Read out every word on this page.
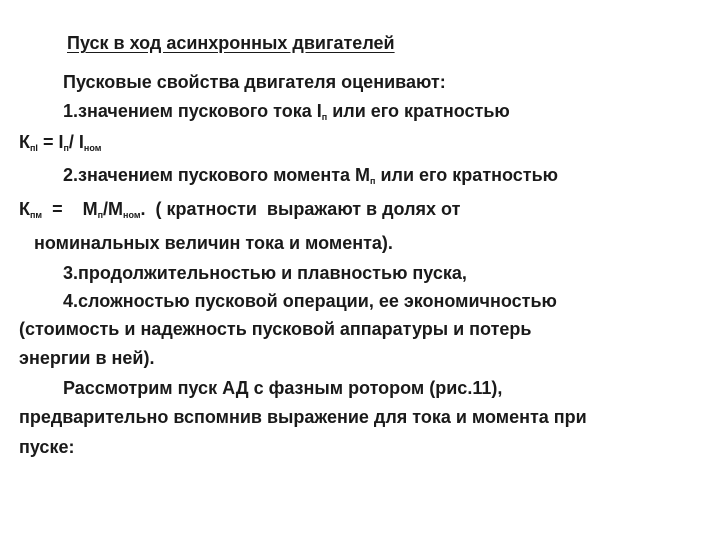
Пуск в ход асинхронных двигателей
Пусковые свойства двигателя оценивают:
1.значением пускового тока $I_п$ или его кратностью
$К_{пI} = I_п/$ $I_{ном}$
2.значением пускового момента $М_п$ или его кратностью
$К_{пм}$  =    $М_п/М_{ном}$.  ( кратности  выражают в долях от
номинальных величин тока и момента).
3.продолжительностью и плавностью пуска,
4.сложностью пусковой операции, ее экономичностью
(стоимость и надежность пусковой аппаратуры и потерь
энергии в ней).
Рассмотрим пуск АД с фазным ротором (рис.11),
предварительно вспомнив выражение для тока и момента при
пуске:
